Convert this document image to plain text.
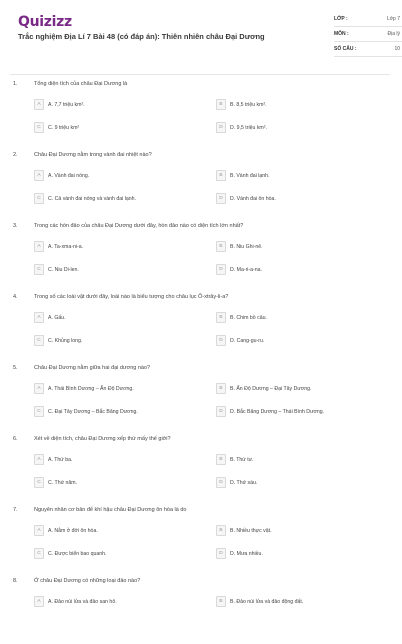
Quizizz
Trắc nghiệm Địa Lí 7 Bài 48 (có đáp án): Thiên nhiên châu Đại Dương
LỚP :	Lớp 7
MÔN :	Địa lý
SỐ CÂU :	10
1.	Tổng diện tích của châu Đại Dương là
A	A. 7,7 triệu km².	B	B. 8,5 triệu km².
C	C. 9 triệu km²	D	D. 9,5 triệu km².
2.	Châu Đại Dương nằm trong vành đai nhiệt nào?
A	A. Vành đai nóng.	B	B. Vành đai lạnh.
C	C. Cả vành đai nóng và vành đai lạnh.	D	D. Vành đai ôn hòa.
3.	Trong các hòn đảo của châu Đại Dương dưới đây, hòn đảo nào có diện tích lớn nhất?
A	A. Ta-xma-ni-a.	B	B. Niu Ghi-nê.
C	C. Niu Di-len.	D	D. Ma-ri-a-na.
4.	Trong số các loài vật dưới đây, loài nào là biểu tượng cho châu lục Ô-xtrây-li-a?
A	A. Gấu.	B	B. Chim bồ câu.
C	C. Khủng long.	D	D. Cang-gu-ru.
5.	Châu Đại Dương nằm giữa hai đại dương nào?
A	A. Thái Bình Dương – Ấn Độ Dương.	B	B. Ấn Độ Dương – Đại Tây Dương.
C	C. Đại Tây Dương – Bắc Băng Dương.	D	D. Bắc Băng Dương – Thái Bình Dương.
6.	Xét về diện tích, châu Đại Dương xếp thứ mấy thế giới?
A	A. Thứ ba.	B	B. Thứ tư.
C	C. Thứ năm.	D	D. Thứ sáu.
7.	Nguyên nhân cơ bản để khí hậu châu Đại Dương ôn hòa là do
A	A. Nằm ở đới ôn hòa.	B	B. Nhiều thực vật.
C	C. Được biển bao quanh.	D	D. Mưa nhiều.
8.	Ở châu Đại Dương có những loại đảo nào?
A	A. Đảo núi lửa và đảo san hô.	B	B. Đảo núi lửa và đảo động đất.
